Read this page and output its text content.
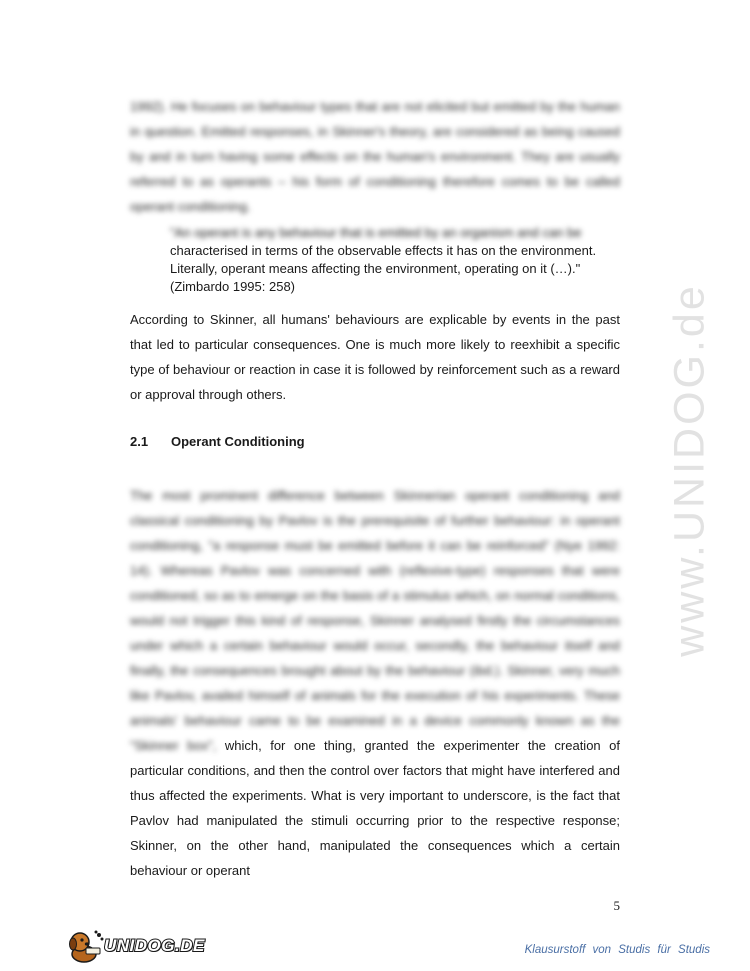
www.UNIDOG.de
1992). He focuses on behaviour types that are not elicited but emitted by the human in question. Emitted responses, in Skinner's theory, are considered as being caused by and in turn having some effects on the human's environment. They are usually referred to as operants – his form of conditioning therefore comes to be called operant conditioning.
"An operant is any behaviour that is emitted by an organism and can be
characterised in terms of the observable effects it has on the environment.
Literally, operant means affecting the environment, operating on it (…)."
(Zimbardo 1995: 258)
According to Skinner, all humans' behaviours are explicable by events in the past that led to particular consequences. One is much more likely to reexhibit a specific type of behaviour or reaction in case it is followed by reinforcement such as a reward or approval through others.
2.1 Operant Conditioning
The most prominent difference between Skinnerian operant conditioning and classical conditioning by Pavlov is the prerequisite of further behaviour: in operant conditioning, "a response must be emitted before it can be reinforced" (Nye 1992: 14). Whereas Pavlov was concerned with (reflexive-type) responses that were conditioned, so as to emerge on the basis of a stimulus which, on normal conditions, would not trigger this kind of response, Skinner analysed firstly the circumstances under which a certain behaviour would occur, secondly, the behaviour itself and finally, the consequences brought about by the behaviour (ibd.). Skinner, very much like Pavlov, availed himself of animals for the execution of his experiments. These animals' behaviour came to be examined in a device commonly known as the "Skinner box", which, for one thing, granted the experimenter the creation of particular conditions, and then the control over factors that might have interfered and thus affected the experiments. What is very important to underscore, is the fact that Pavlov had manipulated the stimuli occurring prior to the respective response; Skinner, on the other hand, manipulated the consequences which a certain behaviour or operant
5
UNIDOG.DE	Klausurstoff von Studis für Studis
